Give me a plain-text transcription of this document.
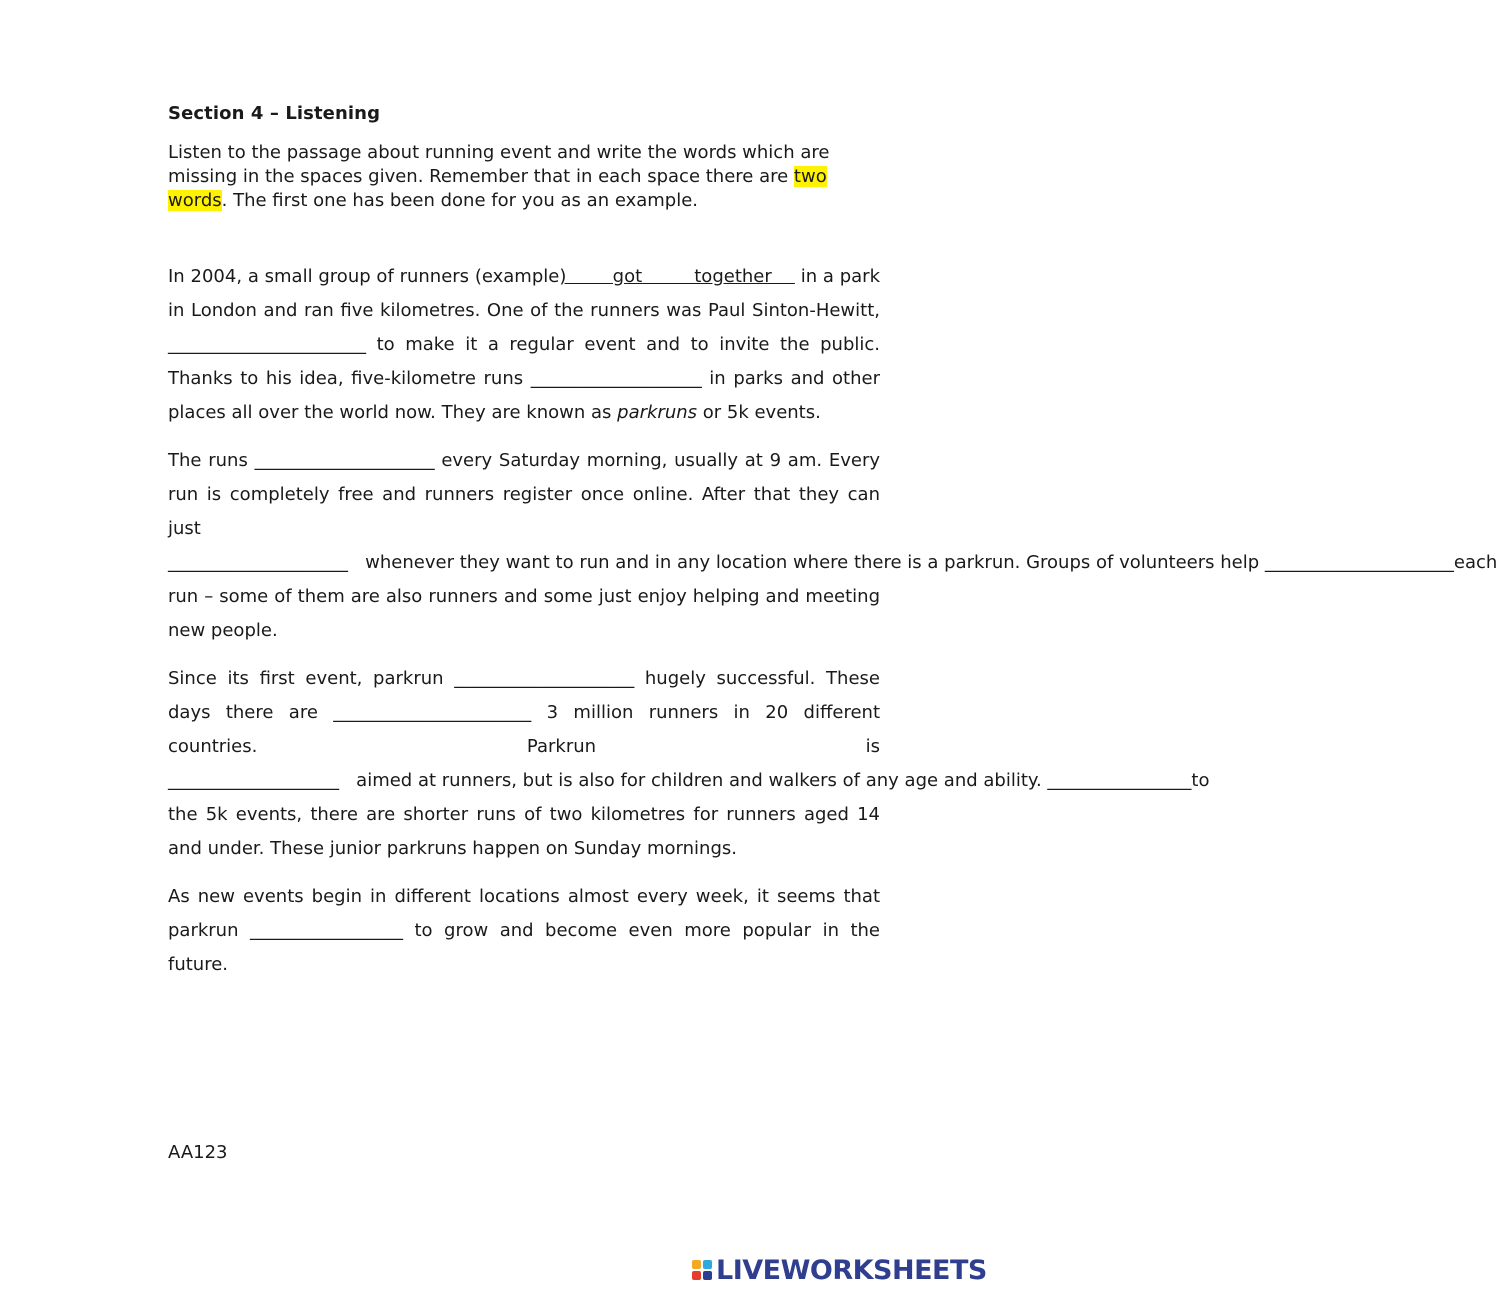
Section 4 – Listening
Listen to the passage about running event and write the words which are missing in the spaces given. Remember that in each space there are two words. The first one has been done for you as an example.

In 2004, a small group of runners (example)        got         together     in a park in London and ran five kilometres. One of the runners was Paul Sinton-Hewitt, ______________________ to make it a regular event and to invite the public. Thanks to his idea, five-kilometre runs ___________________ in parks and other places all over the world now. They are known as parkruns or 5k events.

The runs ____________________ every Saturday morning, usually at 9 am. Every run is completely free and runners register once online. After that they can just ____________________   whenever they want to run and in any location where there is a parkrun. Groups of volunteers help _____________________each run – some of them are also runners and some just enjoy helping and meeting new people.

Since its first event, parkrun ____________________ hugely successful. These days there are ______________________ 3 million runners in 20 different countries. Parkrun is ___________________   aimed at runners, but is also for children and walkers of any age and ability. ________________to the 5k events, there are shorter runs of two kilometres for runners aged 14 and under. These junior parkruns happen on Sunday mornings.

As new events begin in different locations almost every week, it seems that parkrun _________________ to grow and become even more popular in the future.

AA123
LIVEWORKSHEETS
